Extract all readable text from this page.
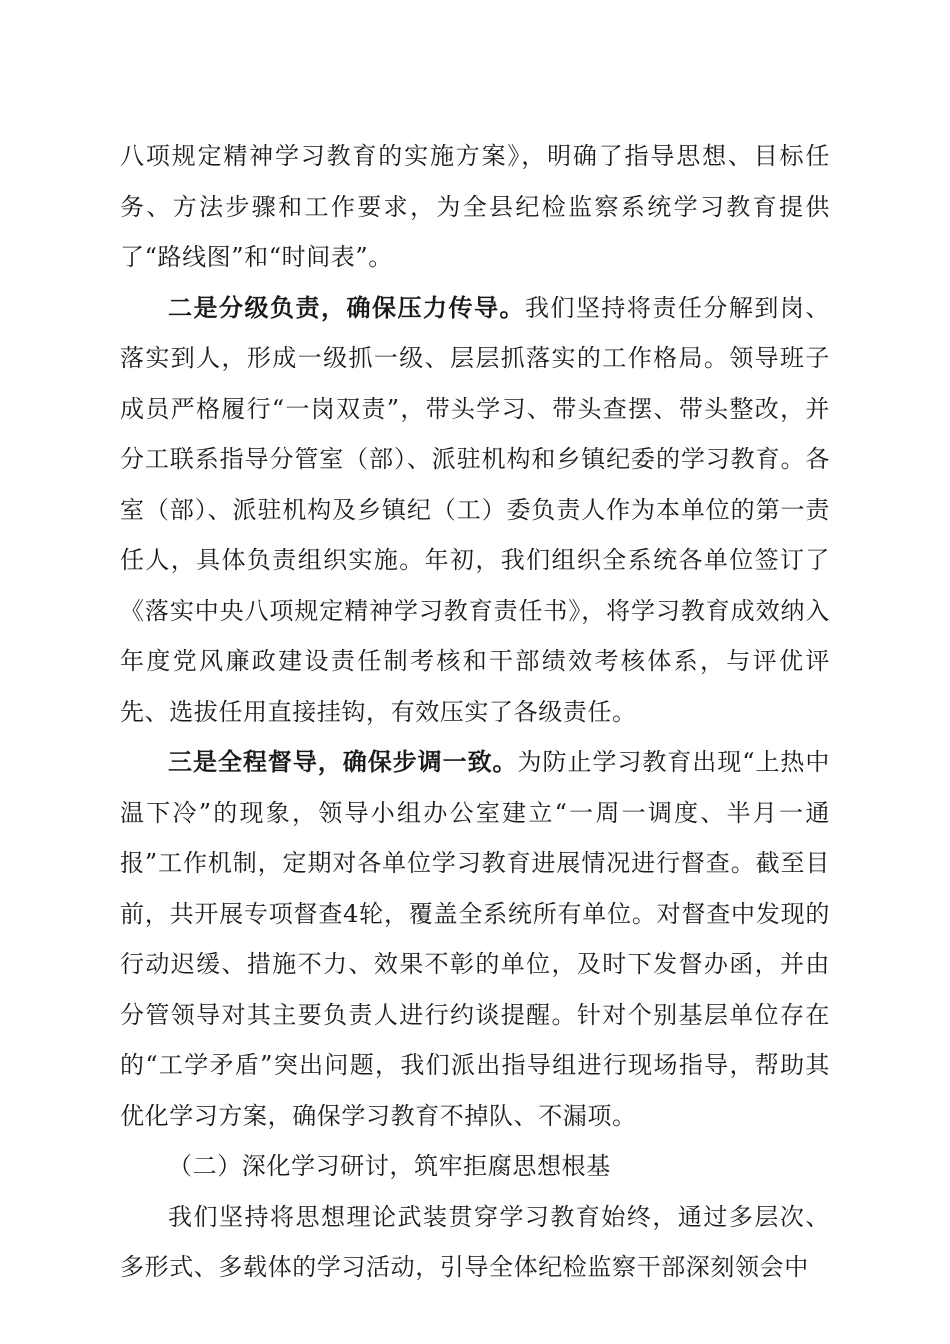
八项规定精神学习教育的实施方案》，明确了指导思想、目标任务、方法步骤和工作要求，为全县纪检监察系统学习教育提供了“路线图”和“时间表”。

二是分级负责，确保压力传导。我们坚持将责任分解到岗、落实到人，形成一级抓一级、层层抓落实的工作格局。领导班子成员严格履行“一岗双责”，带头学习、带头查摆、带头整改，并分工联系指导分管室（部）、派驻机构和乡镇纪委的学习教育。各室（部）、派驻机构及乡镇纪（工）委负责人作为本单位的第一责任人，具体负责组织实施。年初，我们组织全系统各单位签订了《落实中央八项规定精神学习教育责任书》，将学习教育成效纳入年度党风廉政建设责任制考核和干部绩效考核体系，与评优评先、选拔任用直接挂钩，有效压实了各级责任。

三是全程督导，确保步调一致。为防止学习教育出现“上热中温下冷”的现象，领导小组办公室建立“一周一调度、半月一通报”工作机制，定期对各单位学习教育进展情况进行督查。截至目前，共开展专项督查4轮，覆盖全系统所有单位。对督查中发现的行动迟缓、措施不力、效果不彰的单位，及时下发督办函，并由分管领导对其主要负责人进行约谈提醒。针对个别基层单位存在的“工学矛盾”突出问题，我们派出指导组进行现场指导，帮助其优化学习方案，确保学习教育不掉队、不漏项。

（二）深化学习研讨，筑牢拒腐思想根基

我们坚持将思想理论武装贯穿学习教育始终，通过多层次、多形式、多载体的学习活动，引导全体纪检监察干部深刻领会中
